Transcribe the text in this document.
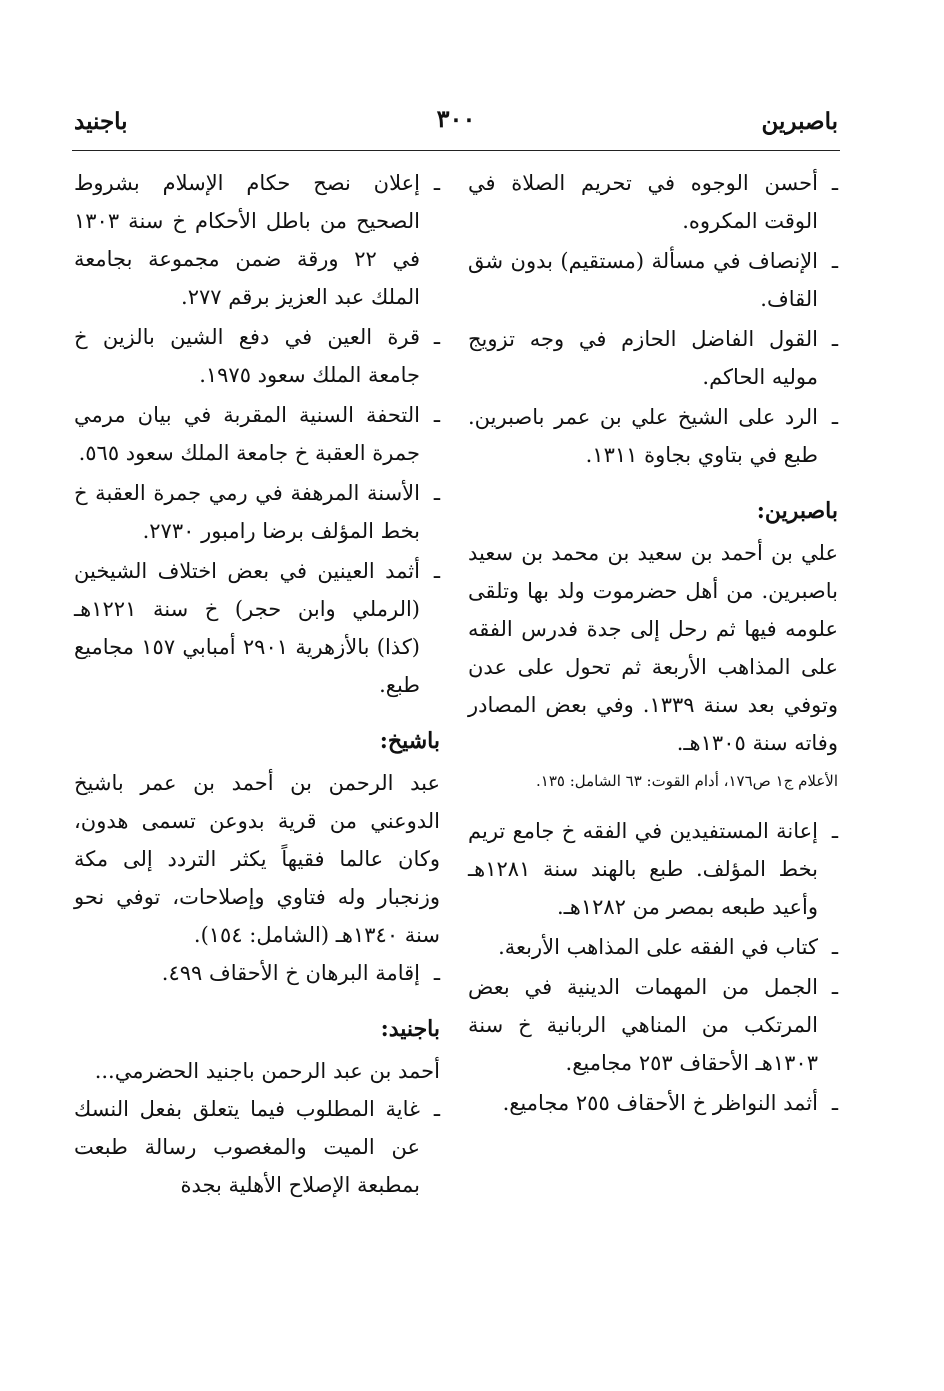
باصبرين
٣٠٠
باجنيد
ـ
أحسن الوجوه في تحريم الصلاة في الوقت المكروه.
ـ
الإنصاف في مسألة (مستقيم) بدون شق القاف.
ـ
القول الفاضل الحازم في وجه تزويج موليه الحاكم.
ـ
الرد على الشيخ علي بن عمر باصبرين. طبع في بتاوي بجاوة ١٣١١.
باصبرين:

علي بن أحمد بن سعيد بن محمد بن سعيد باصبرين. من أهل حضرموت ولد بها وتلقى علومه فيها ثم رحل إلى جدة فدرس الفقه على المذاهب الأربعة ثم تحول على عدن وتوفي بعد سنة ١٣٣٩. وفي بعض المصادر وفاته سنة ١٣٠٥هـ.

الأعلام ج١ ص١٧٦، أدام القوت: ٦٣ الشامل: ١٣٥.
ـ
إعانة المستفيدين في الفقه خ جامع تريم بخط المؤلف. طبع بالهند سنة ١٢٨١هـ وأعيد طبعه بمصر من ١٢٨٢هـ.
ـ
كتاب في الفقه على المذاهب الأربعة.
ـ
الجمل من المهمات الدينية في بعض المرتكب من المناهي الربانية خ سنة ١٣٠٣هـ الأحقاف ٢٥٣ مجاميع.
ـ
أثمد النواظر خ الأحقاف ٢٥٥ مجاميع.
ـ
إعلان نصح حكام الإسلام بشروط الصحيح من باطل الأحكام خ سنة ١٣٠٣ في ٢٢ ورقة ضمن مجموعة بجامعة الملك عبد العزيز برقم ٢٧٧.
ـ
قرة العين في دفع الشين بالزين خ جامعة الملك سعود ١٩٧٥.
ـ
التحفة السنية المقربة في بيان مرمي جمرة العقبة خ جامعة الملك سعود ٥٦٥.
ـ
الأسنة المرهفة في رمي جمرة العقبة خ بخط المؤلف برضا رامبور ٢٧٣٠.
ـ
أثمد العينين في بعض اختلاف الشيخين (الرملي وابن حجر) خ سنة ١٢٢١هـ (كذا) بالأزهرية ٢٩٠١ أمبابي ١٥٧ مجاميع طبع.
باشيخ:

عبد الرحمن بن أحمد بن عمر باشيخ الدوعني من قرية بدوعن تسمى هدون، وكان عالما فقيهاً يكثر التردد إلى مكة وزنجبار وله فتاوي وإصلاحات، توفي نحو سنة ١٣٤٠هـ (الشامل: ١٥٤).

ـ
إقامة البرهان خ الأحقاف ٤٩٩.
باجنيد:

أحمد بن عبد الرحمن باجنيد الحضرمي...

ـ
غاية المطلوب فيما يتعلق بفعل النسك عن الميت والمغصوب رسالة طبعت بمطبعة الإصلاح الأهلية بجدة
